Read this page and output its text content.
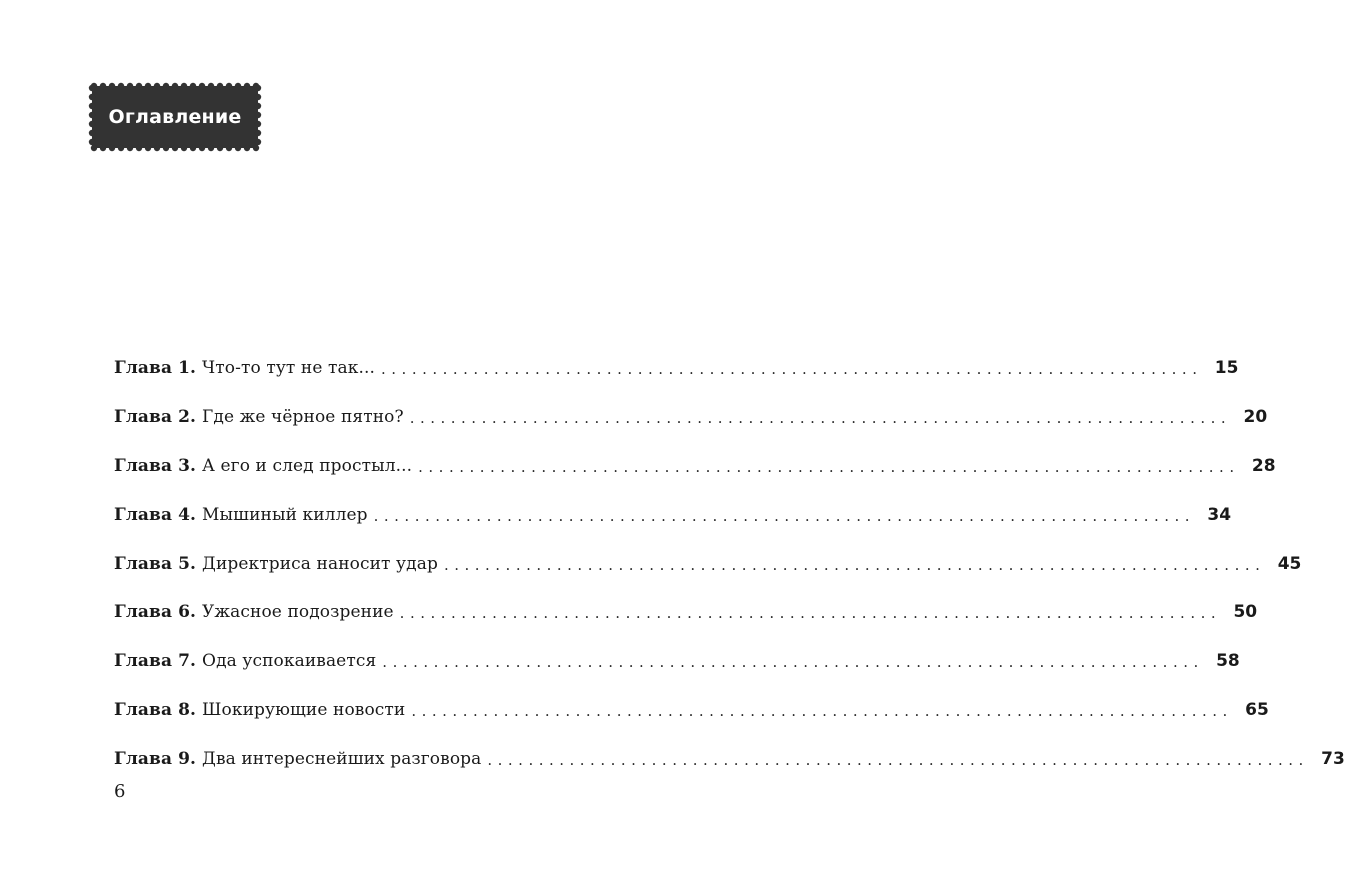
Оглавление
Глава 1. Что-то тут не так... ................................................................................ 15
Глава 2. Где же чёрное пятно? ................................................................................ 20
Глава 3. А его и след простыл... ................................................................................ 28
Глава 4. Мышиный киллер ................................................................................ 34
Глава 5. Директриса наносит удар ................................................................................ 45
Глава 6. Ужасное подозрение ................................................................................ 50
Глава 7. Ода успокаивается ................................................................................ 58
Глава 8. Шокирующие новости ................................................................................ 65
Глава 9. Два интереснейших разговора ................................................................................ 73
6
